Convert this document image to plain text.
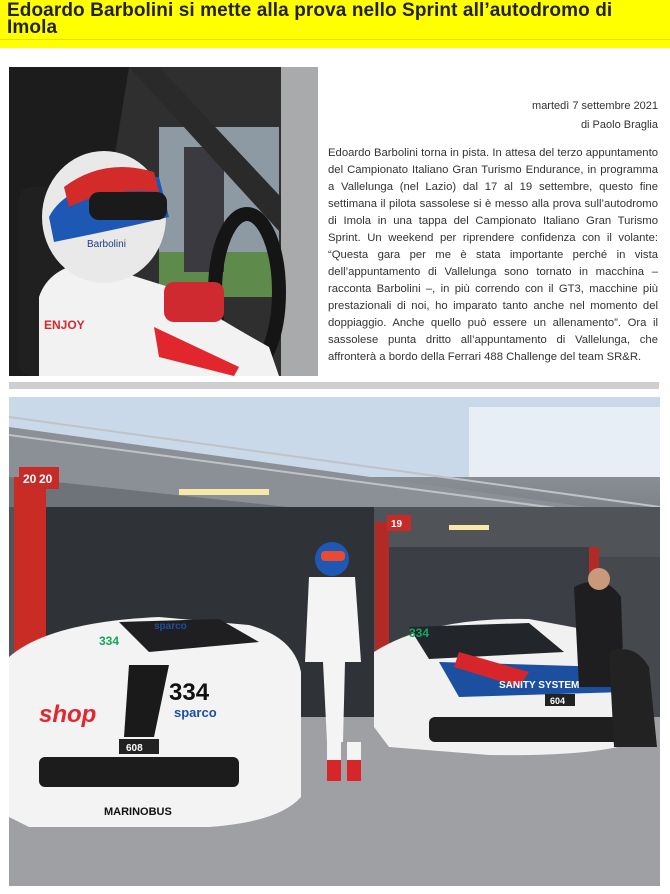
Edoardo Barbolini si mette alla prova nello Sprint all’autodromo di Imola
Barbolini
ENJOY
martedì 7 settembre 2021
di Paolo Braglia
Edoardo Barbolini torna in pista. In attesa del terzo appuntamento del Campionato Italiano Gran Turismo Endurance, in programma a Vallelunga (nel Lazio) dal 17 al 19 settembre, questo fine settimana il pilota sassolese si è messo alla prova sull’autodromo di Imola in una tappa del Campionato Italiano Gran Turismo Sprint. Un weekend per riprendere confidenza con il volante: “Questa gara per me è stata importante perché in vista dell’appuntamento di Vallelunga sono tornato in macchina – racconta Barbolini –, in più correndo con il GT3, macchine più prestazionali di noi, ho imparato tanto anche nel momento del doppiaggio. Anche quello può essere un allenamento”. Ora il sassolese punta dritto all’appuntamento di Vallelunga, che affronterà a bordo della Ferrari 488 Challenge del team SR&R.
20 20
19
334
334
sparco
sparco
shop
MARINOBUS
608
SANITY SYSTEM
334
604
